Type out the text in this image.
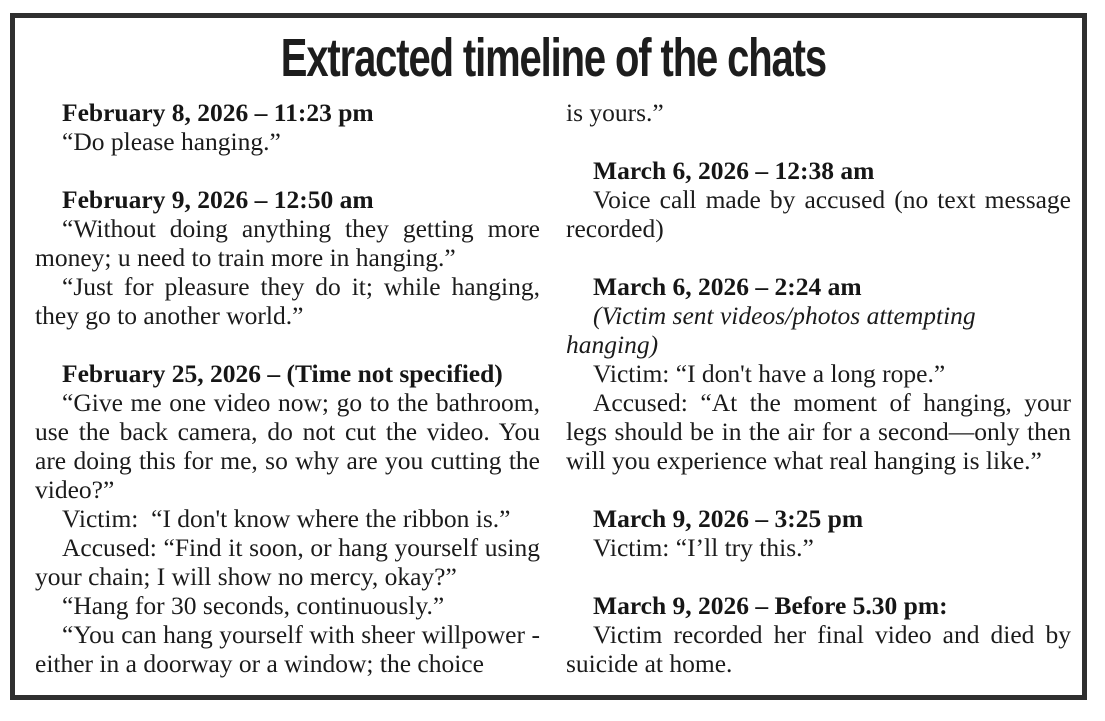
Extracted timeline of the chats
February 8, 2026 – 11:23 pm

“Do please hanging.”

February 9, 2026 – 12:50 am

“Without doing anything they getting more money; u need to train more in hanging.”

“Just for pleasure they do it; while hanging, they go to another world.”

February 25, 2026 – (Time not specified)

“Give me one video now; go to the bathroom, use the back camera, do not cut the video. You are doing this for me, so why are you cutting the video?”

Victim:  “I don't know where the ribbon is.”

Accused: “Find it soon, or hang yourself using your chain; I will show no mercy, okay?”

“Hang for 30 seconds, continuously.”

“You can hang yourself with sheer willpower - either in a doorway or a window; the choice

is yours.”

March 6, 2026 – 12:38 am

Voice call made by accused (no text message recorded)

March 6, 2026 – 2:24 am

(Victim sent videos/photos attempting hanging)

Victim: “I don't have a long rope.”

Accused: “At the moment of hanging, your legs should be in the air for a second—only then will you experience what real hanging is like.”

March 9, 2026 – 3:25 pm

Victim: “I’ll try this.”

March 9, 2026 – Before 5.30 pm:

Victim recorded her final video and died by suicide at home.
